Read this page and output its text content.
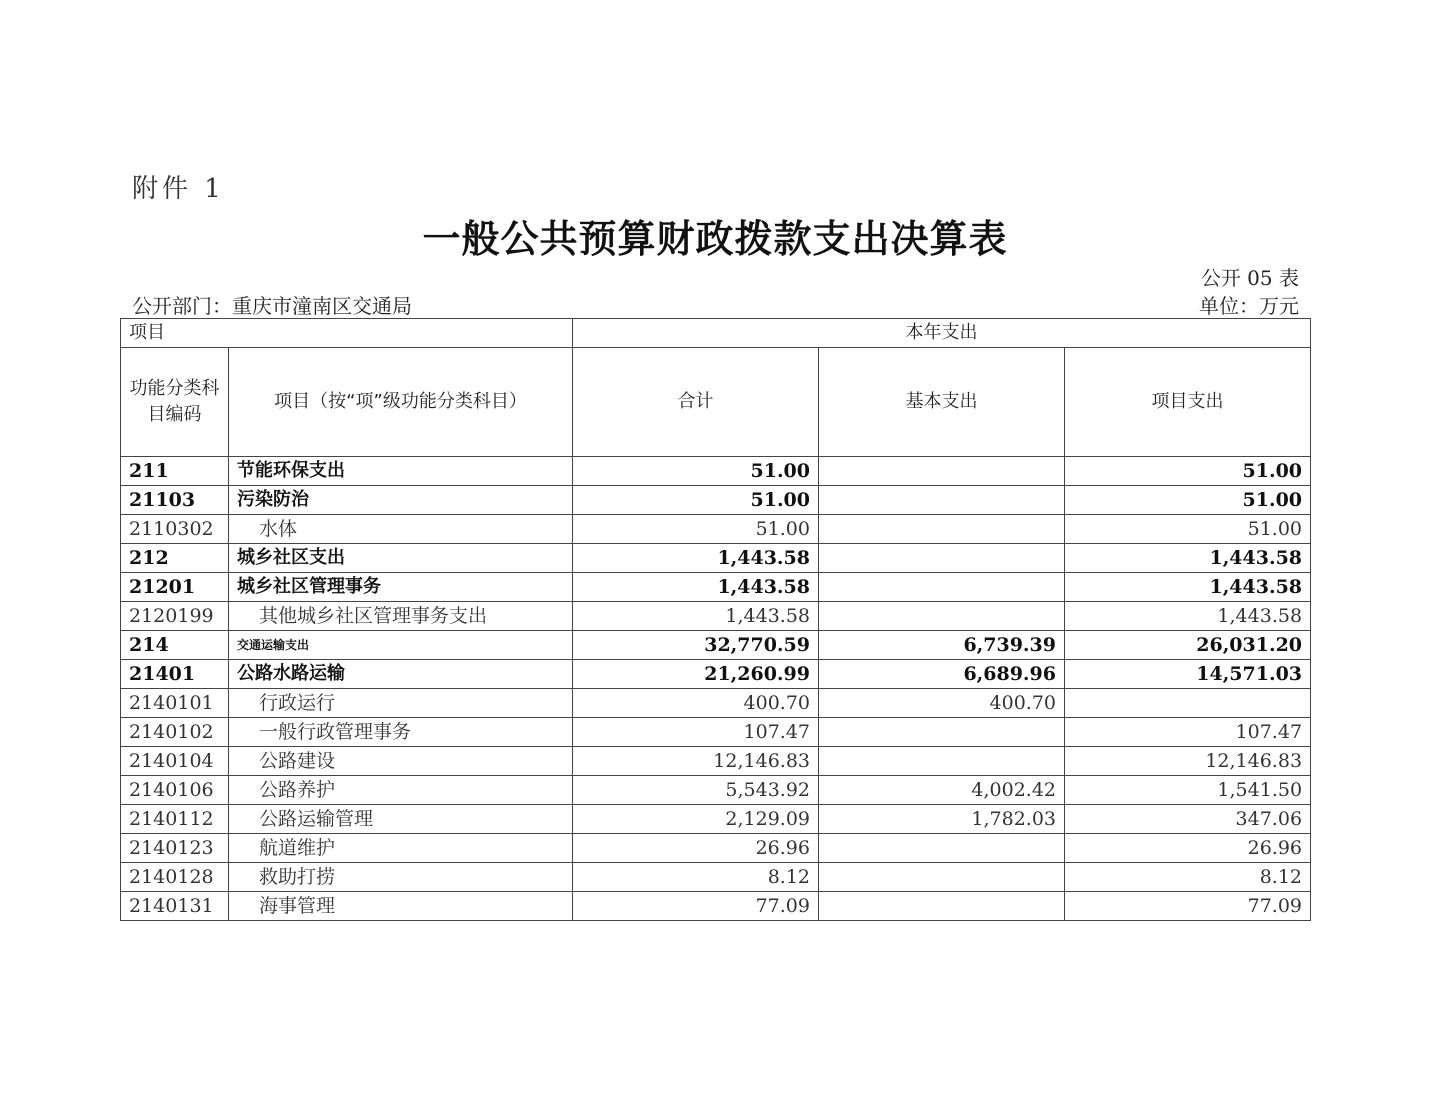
附件 1
一般公共预算财政拨款支出决算表
公开 05 表
公开部门：重庆市潼南区交通局	单位：万元
项目		本年支出		
功能分类科目编码	项目（按“项”级功能分类科目）	合计	基本支出	项目支出
211	节能环保支出	51.00		51.00
21103	污染防治	51.00		51.00
2110302	水体	51.00		51.00
212	城乡社区支出	1,443.58		1,443.58
21201	城乡社区管理事务	1,443.58		1,443.58
2120199	其他城乡社区管理事务支出	1,443.58		1,443.58
214	交通运输支出	32,770.59	6,739.39	26,031.20
21401	公路水路运输	21,260.99	6,689.96	14,571.03
2140101	行政运行	400.70	400.70	
2140102	一般行政管理事务	107.47		107.47
2140104	公路建设	12,146.83		12,146.83
2140106	公路养护	5,543.92	4,002.42	1,541.50
2140112	公路运输管理	2,129.09	1,782.03	347.06
2140123	航道维护	26.96		26.96
2140128	救助打捞	8.12		8.12
2140131	海事管理	77.09		77.09
